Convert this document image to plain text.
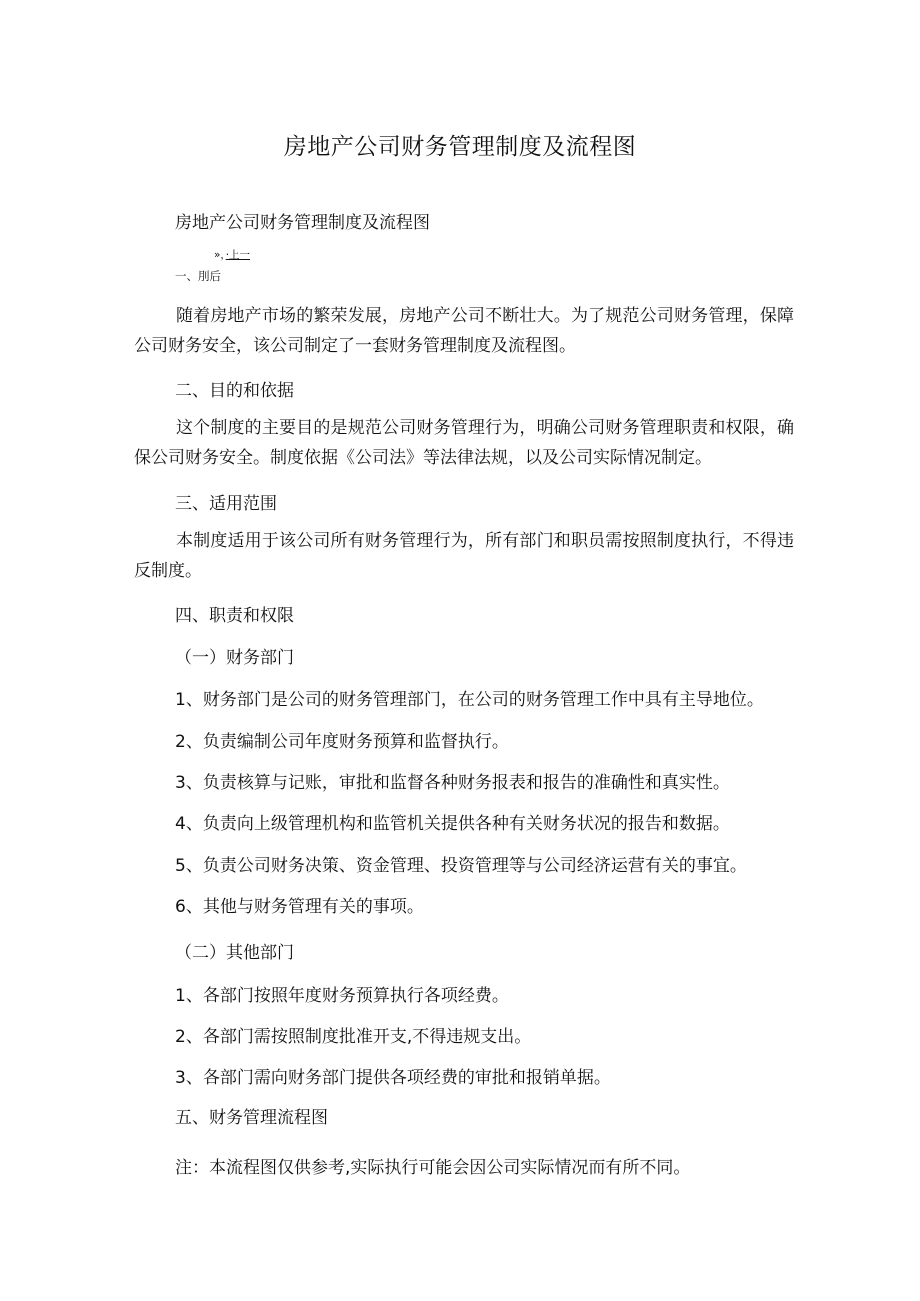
房地产公司财务管理制度及流程图
房地产公司财务管理制度及流程图
»，·上一
一、刖后
随着房地产市场的繁荣发展，房地产公司不断壮大。为了规范公司财务管理，保障公司财务安全，该公司制定了一套财务管理制度及流程图。
二、目的和依据
这个制度的主要目的是规范公司财务管理行为，明确公司财务管理职责和权限，确保公司财务安全。制度依据《公司法》等法律法规，以及公司实际情况制定。
三、适用范围
本制度适用于该公司所有财务管理行为，所有部门和职员需按照制度执行，不得违反制度。
四、职责和权限
（一）财务部门
1、财务部门是公司的财务管理部门，在公司的财务管理工作中具有主导地位。
2、负责编制公司年度财务预算和监督执行。
3、负责核算与记账，审批和监督各种财务报表和报告的准确性和真实性。
4、负责向上级管理机构和监管机关提供各种有关财务状况的报告和数据。
5、负责公司财务决策、资金管理、投资管理等与公司经济运营有关的事宜。
6、其他与财务管理有关的事项。
（二）其他部门
1、各部门按照年度财务预算执行各项经费。
2、各部门需按照制度批准开支,不得违规支出。
3、各部门需向财务部门提供各项经费的审批和报销单据。
五、财务管理流程图
注：本流程图仅供参考,实际执行可能会因公司实际情况而有所不同。
